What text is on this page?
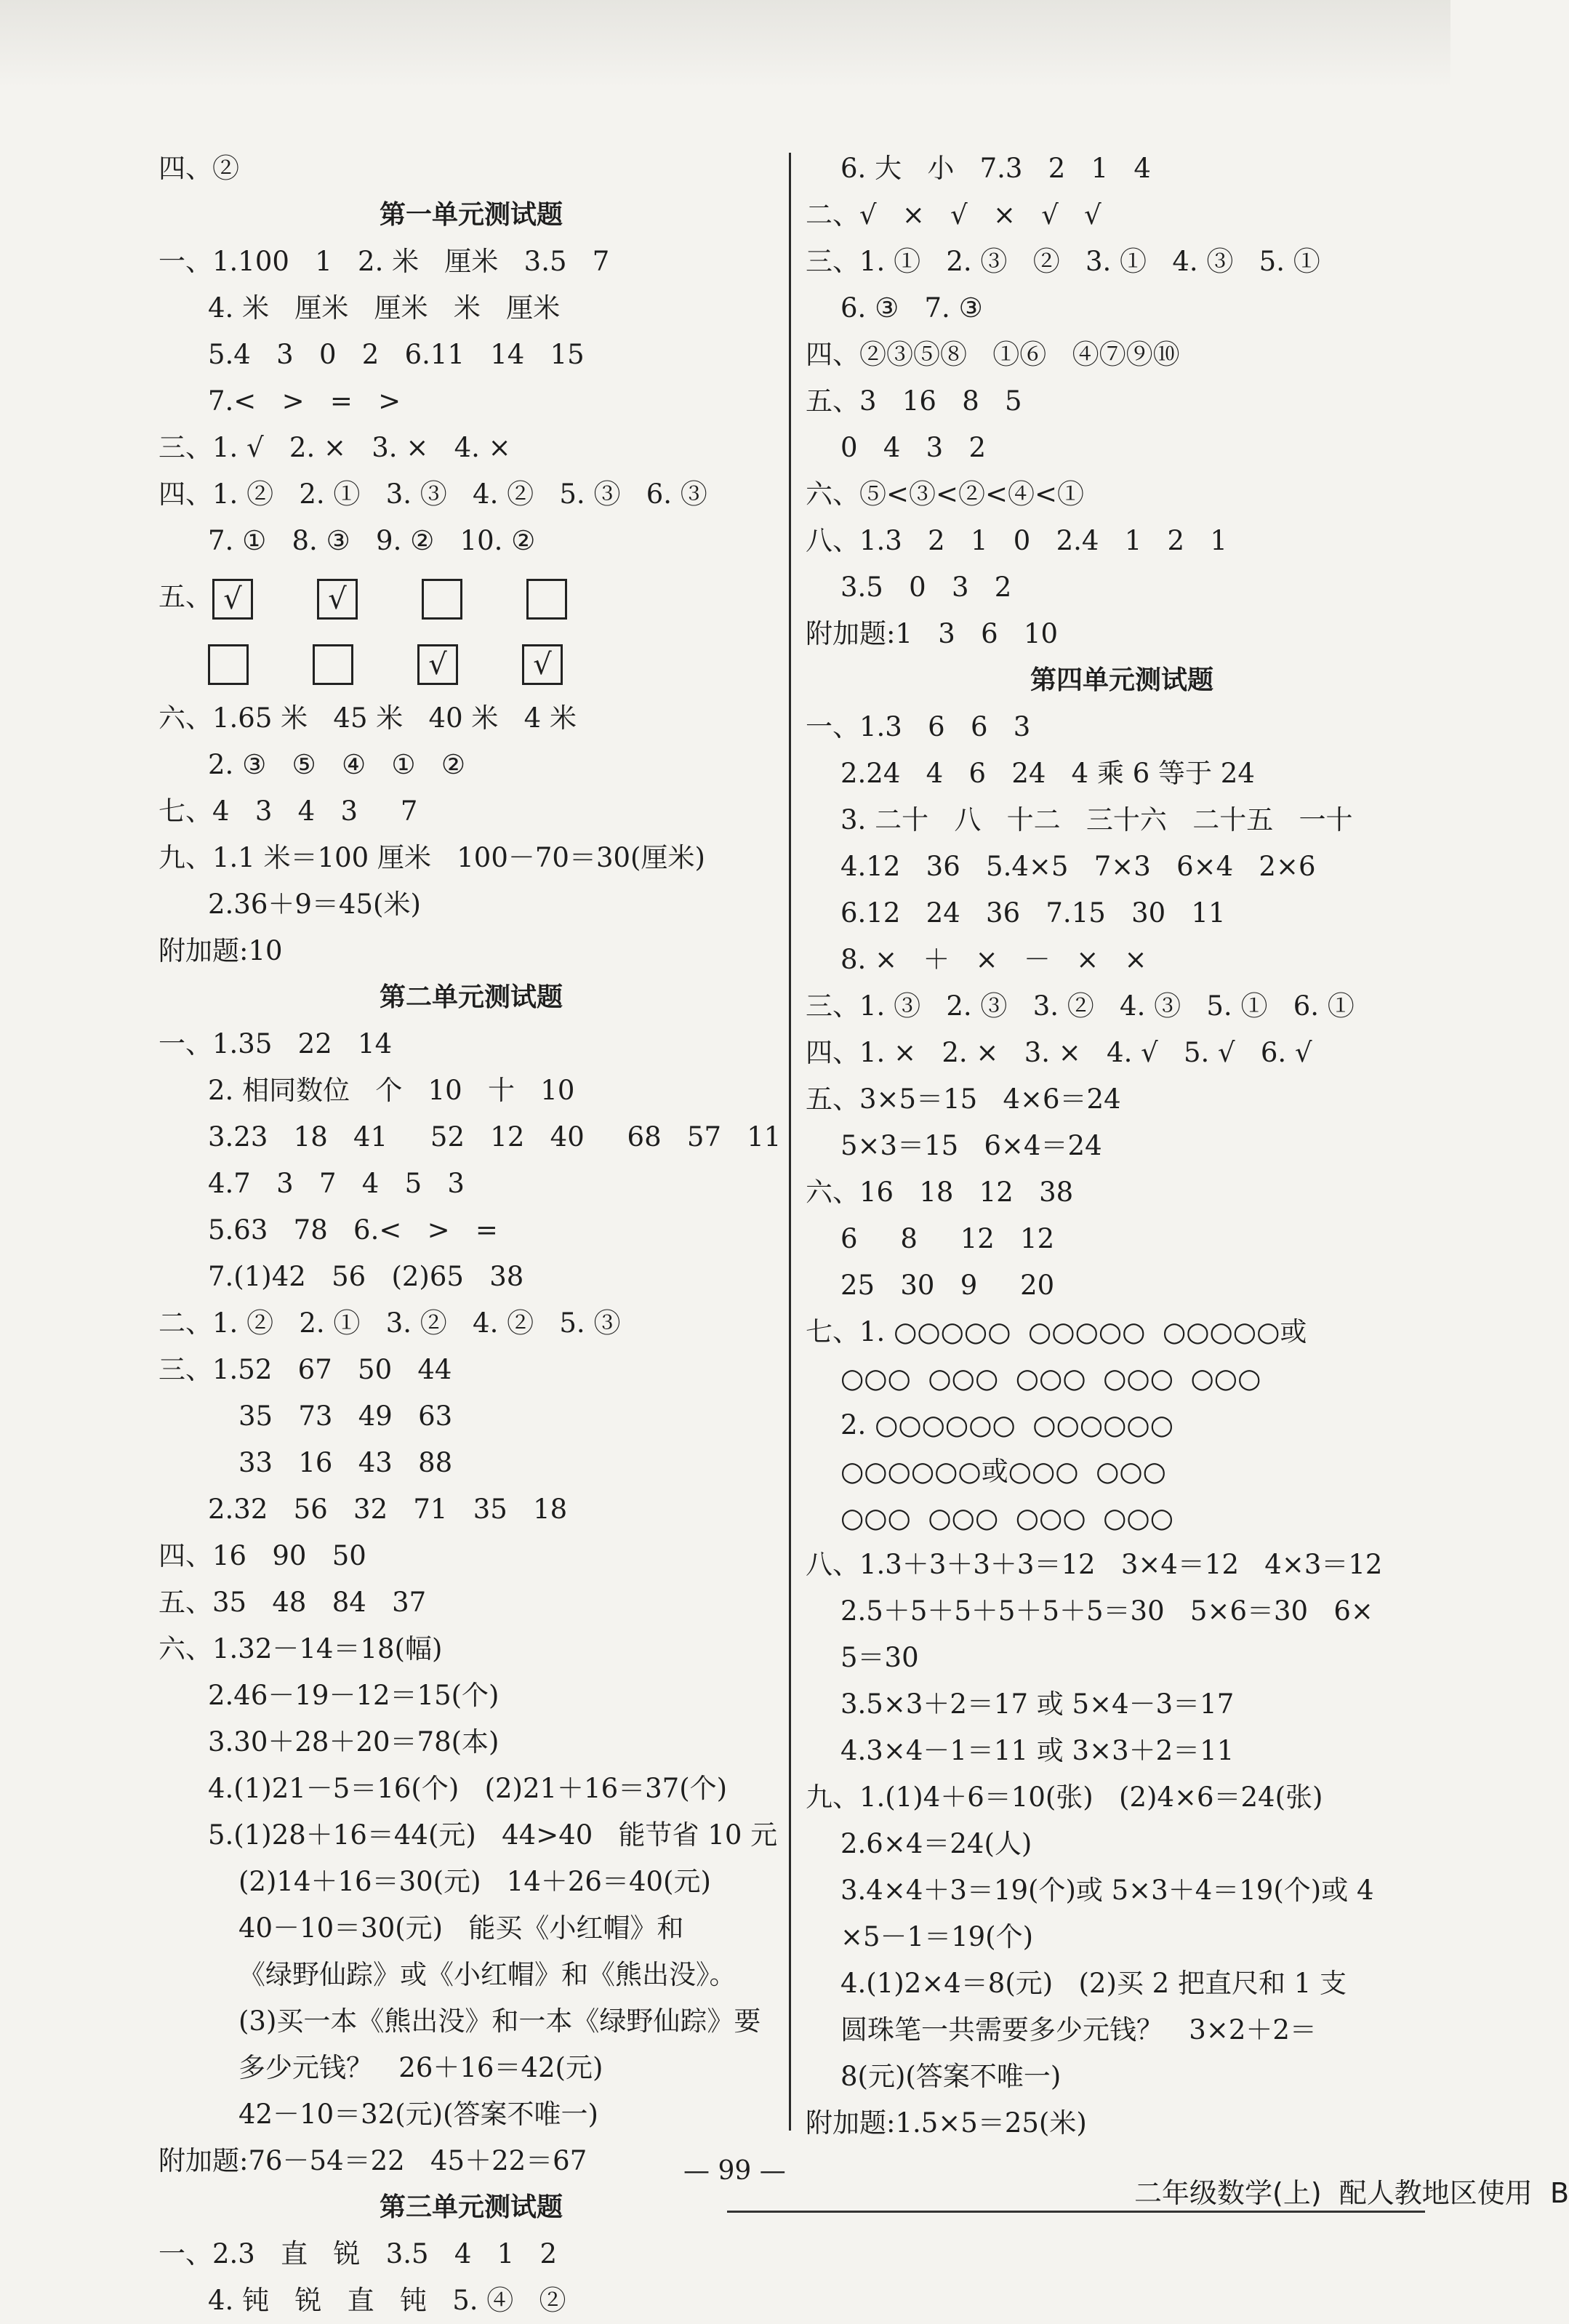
四、②
第一单元测试题
一、1.100   1   2. 米   厘米   3.5   7
4. 米   厘米   厘米   米   厘米
5.4   3   0   2   6.11   14   15
7.<   >   =   >
三、1. √   2. ×   3. ×   4. ×
四、1. ②   2. ①   3. ③   4. ②   5. ③   6. ③
7. ①   8. ③   9. ②   10. ②
五、 √	√
√	√
六、1.65 米   45 米   40 米   4 米
2. ③   ⑤   ④   ①   ②
七、4   3   4   3     7
九、1.1 米＝100 厘米   100－70＝30(厘米)
2.36＋9＝45(米)
附加题:10
第二单元测试题
一、1.35   22   14
2. 相同数位   个   10   十   10
3.23   18   41     52   12   40     68   57   11
4.7   3   7   4   5   3
5.63   78   6.<   >   =
7.(1)42   56   (2)65   38
二、1. ②   2. ①   3. ②   4. ②   5. ③
三、1.52   67   50   44
35   73   49   63
33   16   43   88
2.32   56   32   71   35   18
四、16   90   50
五、35   48   84   37
六、1.32－14＝18(幅)
2.46－19－12＝15(个)
3.30＋28＋20＝78(本)
4.(1)21－5＝16(个)   (2)21＋16＝37(个)
5.(1)28＋16＝44(元)   44>40   能节省 10 元
(2)14＋16＝30(元)   14＋26＝40(元)
40－10＝30(元)   能买《小红帽》和
《绿野仙踪》或《小红帽》和《熊出没》。
(3)买一本《熊出没》和一本《绿野仙踪》要
多少元钱？   26＋16＝42(元)
42－10＝32(元)(答案不唯一)
附加题:76－54＝22   45＋22＝67
第三单元测试题
一、2.3   直   锐   3.5   4   1   2
4. 钝   锐   直   钝   5. ④   ②
6. 大   小   7.3   2   1   4
二、√   ×   √   ×   √   √
三、1. ①   2. ③   ②   3. ①   4. ③   5. ①
6. ③   7. ③
四、②③⑤⑧   ①⑥   ④⑦⑨⑩
五、3   16   8   5
0   4   3   2
六、⑤<③<②<④<①
八、1.3   2   1   0   2.4   1   2   1
3.5   0   3   2
附加题:1   3   6   10
第四单元测试题
一、1.3   6   6   3
2.24   4   6   24   4 乘 6 等于 24
3. 二十   八   十二   三十六   二十五   一十
4.12   36   5.4×5   7×3   6×4   2×6
6.12   24   36   7.15   30   11
8. ×   ＋   ×   －   ×   ×
三、1. ③   2. ③   3. ②   4. ③   5. ①   6. ①
四、1. ×   2. ×   3. ×   4. √   5. √   6. √
五、3×5＝15   4×6＝24
5×3＝15   6×4＝24
六、16   18   12   38
6     8     12   12
25   30   9     20
七、1. ○○○○○  ○○○○○  ○○○○○或
○○○  ○○○  ○○○  ○○○  ○○○
2. ○○○○○○  ○○○○○○
○○○○○○或○○○  ○○○
○○○  ○○○  ○○○  ○○○
八、1.3＋3＋3＋3＝12   3×4＝12   4×3＝12
2.5＋5＋5＋5＋5＋5＝30   5×6＝30   6×
5＝30
3.5×3＋2＝17 或 5×4－3＝17
4.3×4－1＝11 或 3×3＋2＝11
九、1.(1)4＋6＝10(张)   (2)4×6＝24(张)
2.6×4＝24(人)
3.4×4＋3＝19(个)或 5×3＋4＝19(个)或 4
×5－1＝19(个)
4.(1)2×4＝8(元)   (2)买 2 把直尺和 1 支
圆珠笔一共需要多少元钱？   3×2＋2＝
8(元)(答案不唯一)
附加题:1.5×5＝25(米)
— 99 —
二年级数学(上)  配人教地区使用  B
